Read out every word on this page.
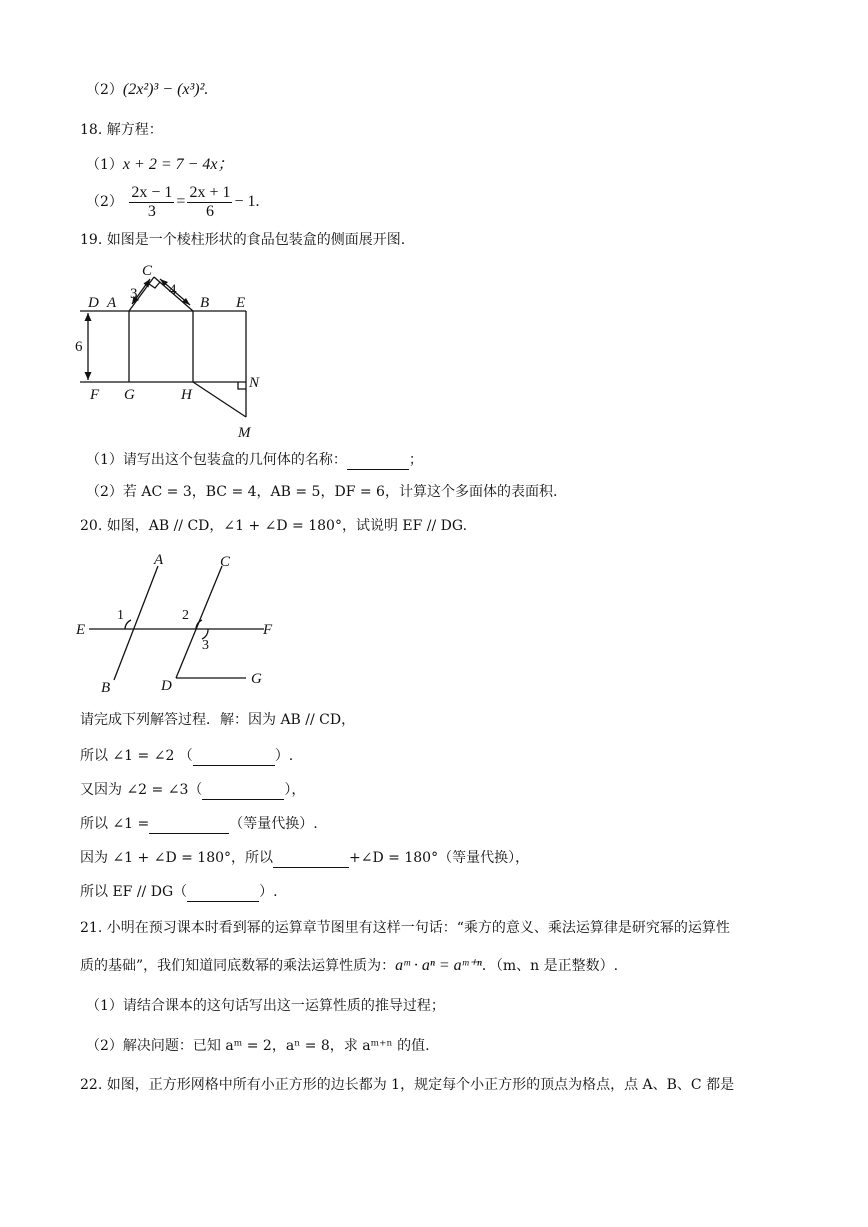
（2）(2x²)³ − (x³)².
18. 解方程：
（1）x + 2 = 7 − 4x；
$(2) \frac{2x - 1}{3} = \frac{2x + 1}{6} - 1$.
19. 如图是一个棱柱形状的食品包装盒的侧面展开图.
C
D A	B E
F G	H
N
M
3 4
6
（1）请写出这个包装盒的几何体的名称：	；
（2）若 AC = 3，BC = 4，AB = 5，DF = 6，计算这个多面体的表面积.
20. 如图，AB // CD，∠1 + ∠D = 180°，试说明 EF // DG.
A
B
C
D
E	F
G
1	2
3
请完成下列解答过程．解：因为 AB // CD，
所以 ∠1 = ∠2 （	）.
又因为 ∠2 = ∠3（	），
所以 ∠1 =	（等量代换）.
因为 ∠1 + ∠D = 180°，所以	+∠D = 180°（等量代换），
所以 EF // DG（	）.
21. 小明在预习课本时看到幂的运算章节图里有这样一句话：“乘方的意义、乘法运算律是研究幂的运算性
质的基础”，我们知道同底数幂的乘法运算性质为：aᵐ · aⁿ = aᵐ⁺ⁿ．（m、n 是正整数）.
（1）请结合课本的这句话写出这一运算性质的推导过程；
（2）解决问题：已知 aᵐ = 2，aⁿ = 8，求 aᵐ⁺ⁿ 的值.
22. 如图，正方形网格中所有小正方形的边长都为 1，规定每个小正方形的顶点为格点，点 A、B、C 都是
